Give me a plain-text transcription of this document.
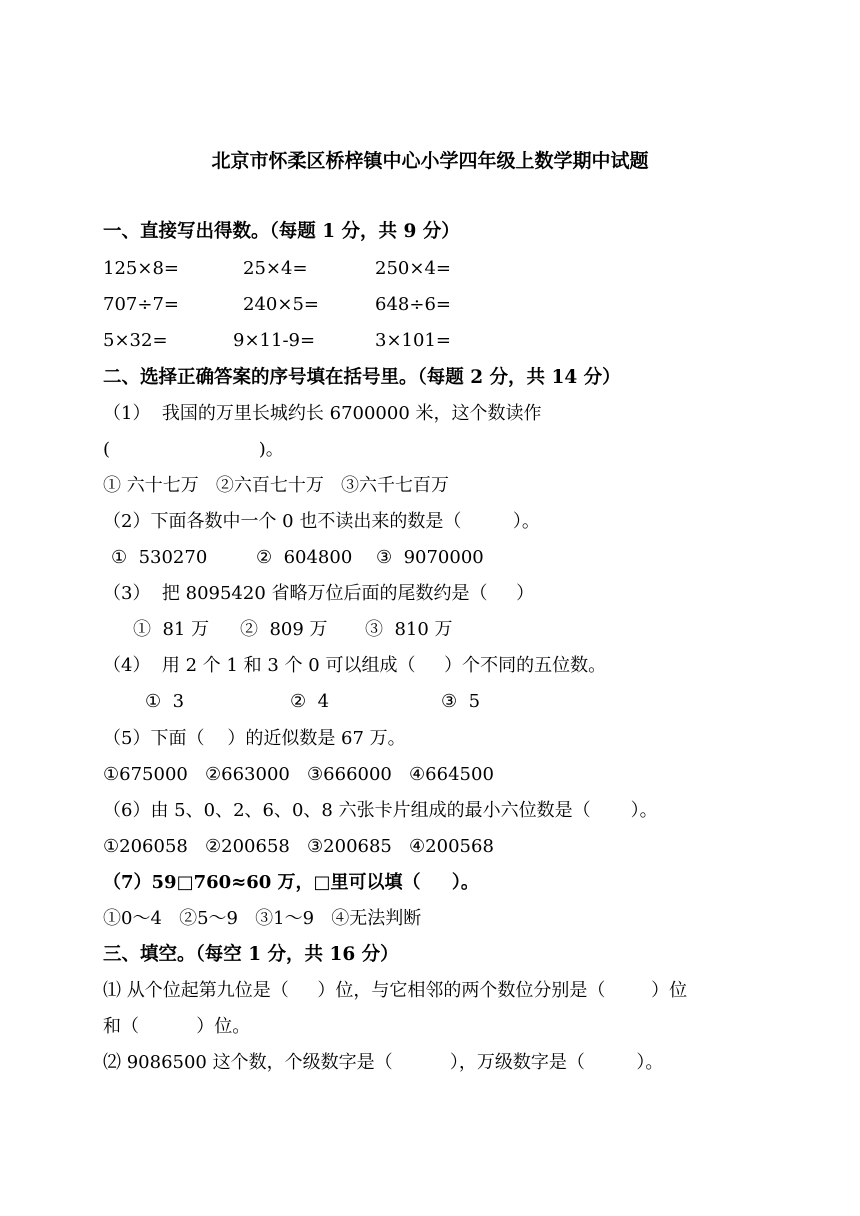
北京市怀柔区桥梓镇中心小学四年级上数学期中试题
一、直接写出得数。（每题 1 分，共 9 分）
125×8=	25×4=	250×4=
707÷7=	240×5=	648÷6=
5×32=	9×11-9=	3×101=
二、选择正确答案的序号填在括号里。（每题 2 分，共 14 分）
（1）  我国的万里长城约长 6700000 米，这个数读作
(                          )。
① 六十七万   ②六百七十万   ③六千七百万
（2）下面各数中一个 0 也不读出来的数是（         ）。
①  530270	②  604800 ③  9070000
（3）  把 8095420 省略万位后面的尾数约是（     ）
①  81 万 ②  809 万 ③  810 万
（4）  用 2 个 1 和 3 个 0 可以组成（     ）个不同的五位数。
①  3	②  4	③  5
（5）下面（    ）的近似数是 67 万。
①675000   ②663000   ③666000   ④664500
（6）由 5、0、2、6、0、8 六张卡片组成的最小六位数是（       ）。
①206058   ②200658   ③200685   ④200568
（7）59□760≈60 万，□里可以填（     ）。
①0～4   ②5～9   ③1～9   ④无法判断
三、填空。（每空 1 分，共 16 分）
⑴ 从个位起第九位是（     ）位，与它相邻的两个数位分别是（        ）位
和（          ）位。
⑵ 9086500 这个数，个级数字是（          ），万级数字是（         ）。
